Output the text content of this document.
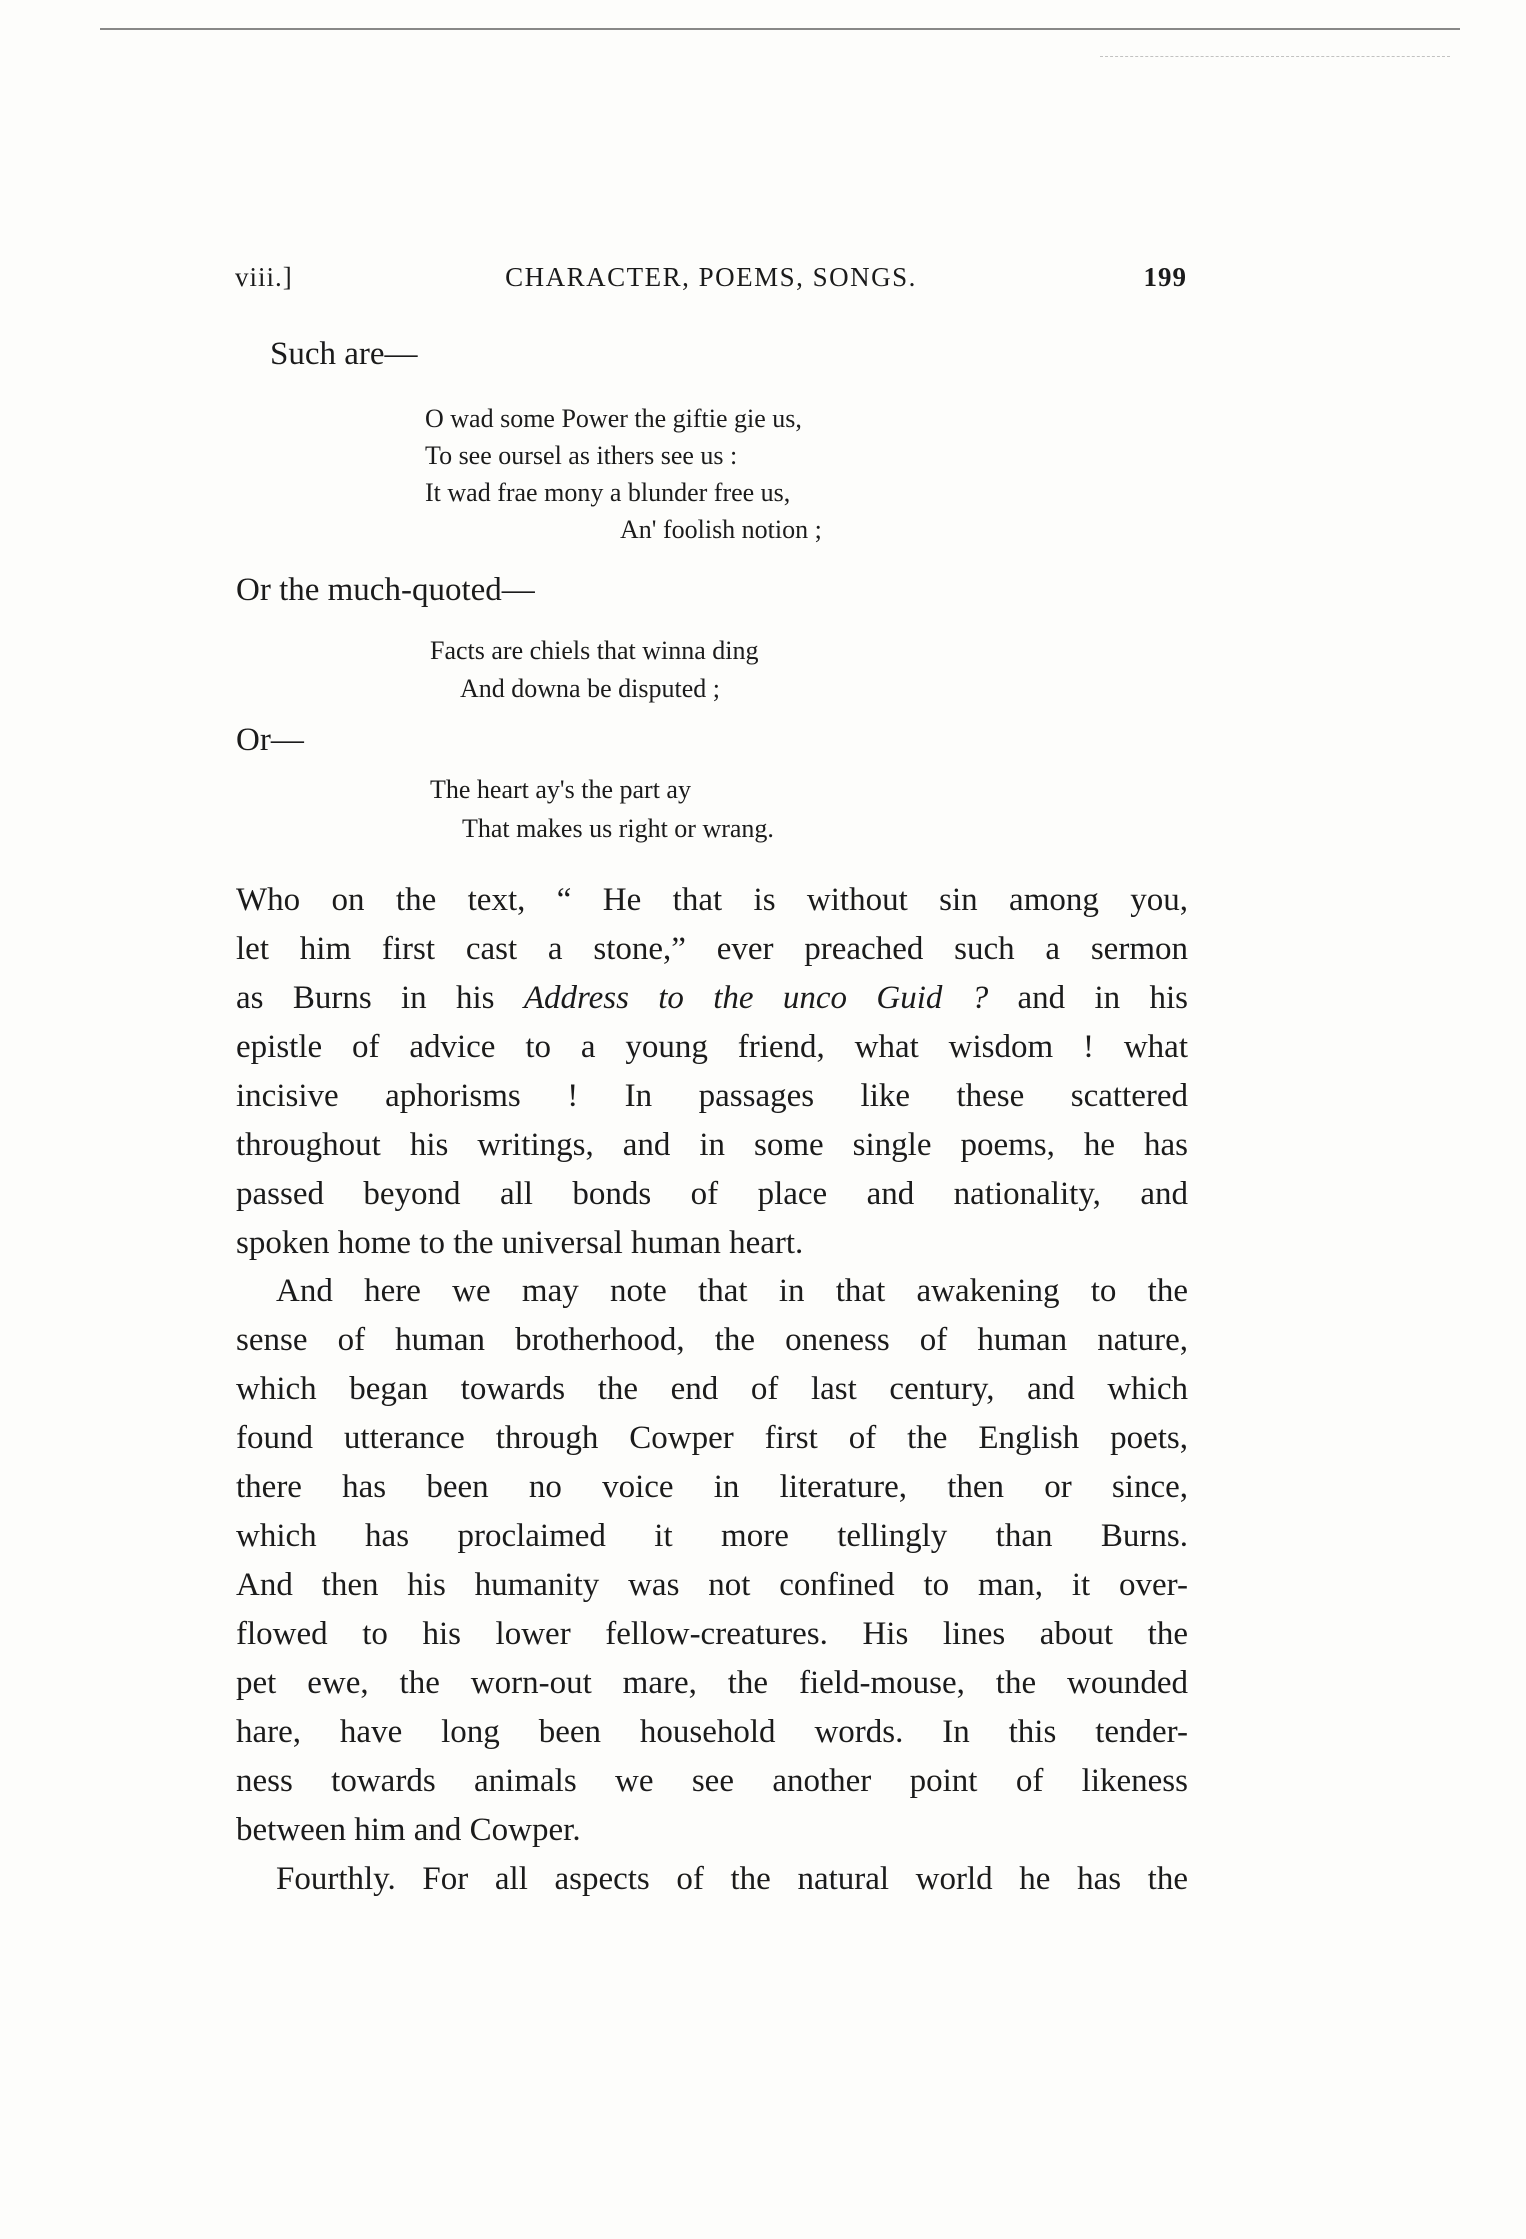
viii.]	CHARACTER, POEMS, SONGS.	199
Such are—
O wad some Power the giftie gie us,
To see oursel as ithers see us :
It wad frae mony a blunder free us,
An' foolish notion ;
Or the much-quoted—
Facts are chiels that winna ding
And downa be disputed ;
Or—
The heart ay's the part ay
That makes us right or wrang.
Who on the text, “ He that is without sin among you,
let him first cast a stone,” ever preached such a sermon
as Burns in his Address to the unco Guid ? and in his
epistle of advice to a young friend, what wisdom ! what
incisive aphorisms ! In passages like these scattered
throughout his writings, and in some single poems, he has
passed beyond all bonds of place and nationality, and
spoken home to the universal human heart.
And here we may note that in that awakening to the
sense of human brotherhood, the oneness of human nature,
which began towards the end of last century, and which
found utterance through Cowper first of the English poets,
there has been no voice in literature, then or since,
which has proclaimed it more tellingly than Burns.
And then his humanity was not confined to man, it over-
flowed to his lower fellow-creatures. His lines about the
pet ewe, the worn-out mare, the field-mouse, the wounded
hare, have long been household words. In this tender-
ness towards animals we see another point of likeness
between him and Cowper.
Fourthly. For all aspects of the natural world he has the
